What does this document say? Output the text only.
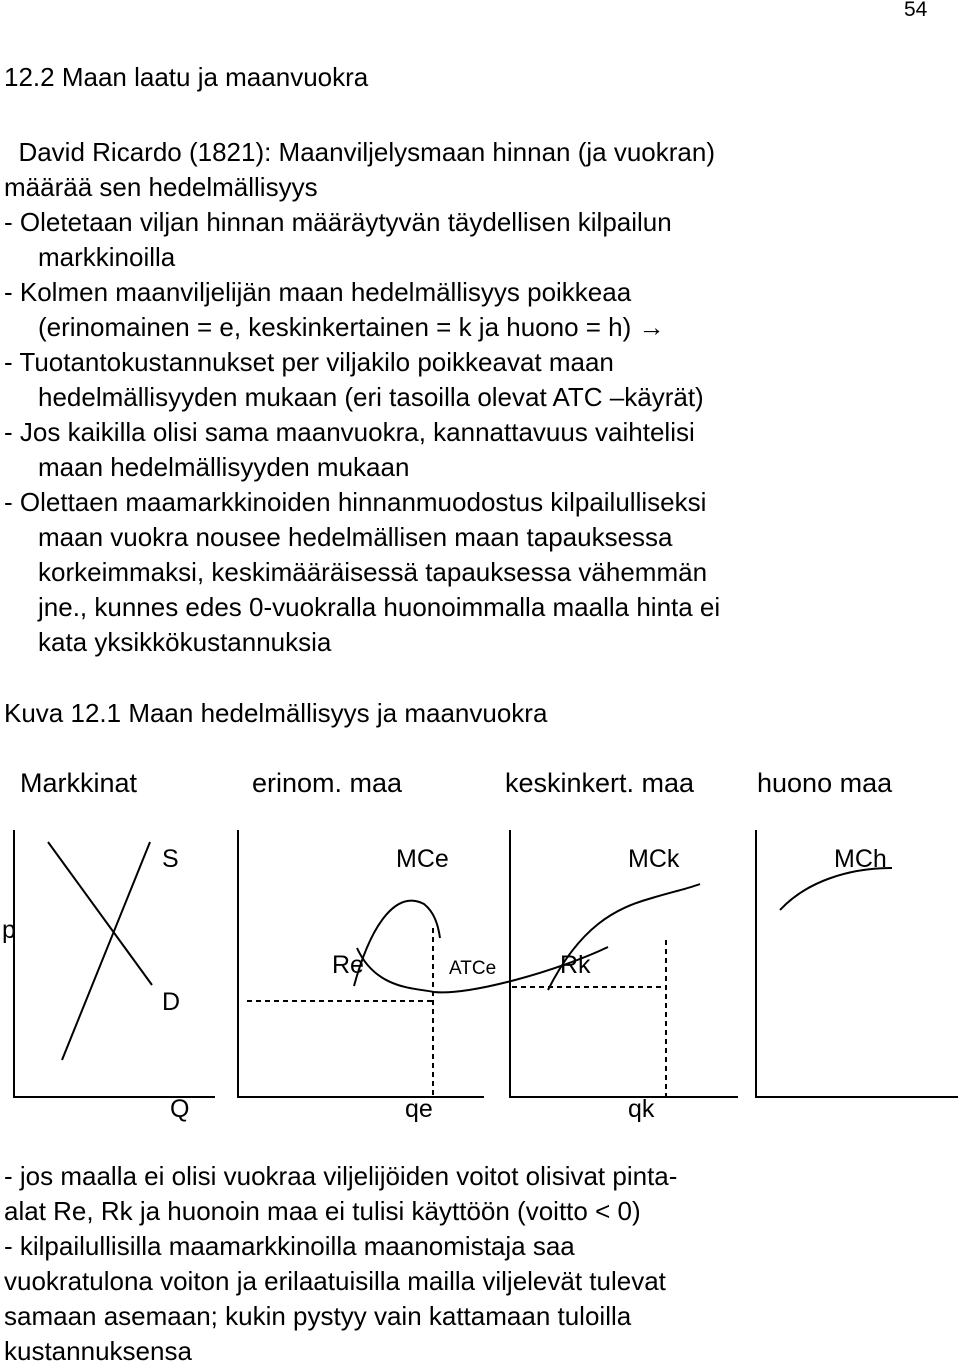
54
12.2 Maan laatu ja maanvuokra
David Ricardo (1821): Maanviljelysmaan hinnan (ja vuokran)
määrää sen hedelmällisyys
- Oletetaan viljan hinnan määräytyvän täydellisen kilpailun
markkinoilla
- Kolmen maanviljelijän maan hedelmällisyys poikkeaa
(erinomainen = e, keskinkertainen = k ja huono = h) →
- Tuotantokustannukset per viljakilo poikkeavat maan
hedelmällisyyden mukaan (eri tasoilla olevat ATC –käyrät)
- Jos kaikilla olisi sama maanvuokra, kannattavuus vaihtelisi
maan hedelmällisyyden mukaan
- Olettaen maamarkkinoiden hinnanmuodostus kilpailulliseksi
maan vuokra nousee hedelmällisen maan tapauksessa
korkeimmaksi, keskimääräisessä tapauksessa vähemmän
jne., kunnes edes 0-vuokralla huonoimmalla maalla hinta ei
kata yksikkökustannuksia
Kuva 12.1 Maan hedelmällisyys ja maanvuokra
Markkinat	erinom. maa	keskinkert. maa huono maa
S
D
p
Q
MCe	MCk	MCh
Re	ATCe	Rk
qe	qk
- jos maalla ei olisi vuokraa viljelijöiden voitot olisivat pinta-
alat Re, Rk ja huonoin maa ei tulisi käyttöön (voitto < 0)
- kilpailullisilla maamarkkinoilla maanomistaja saa
vuokratulona voiton ja erilaatuisilla mailla viljelevät tulevat
samaan asemaan; kukin pystyy vain kattamaan tuloilla
kustannuksensa
